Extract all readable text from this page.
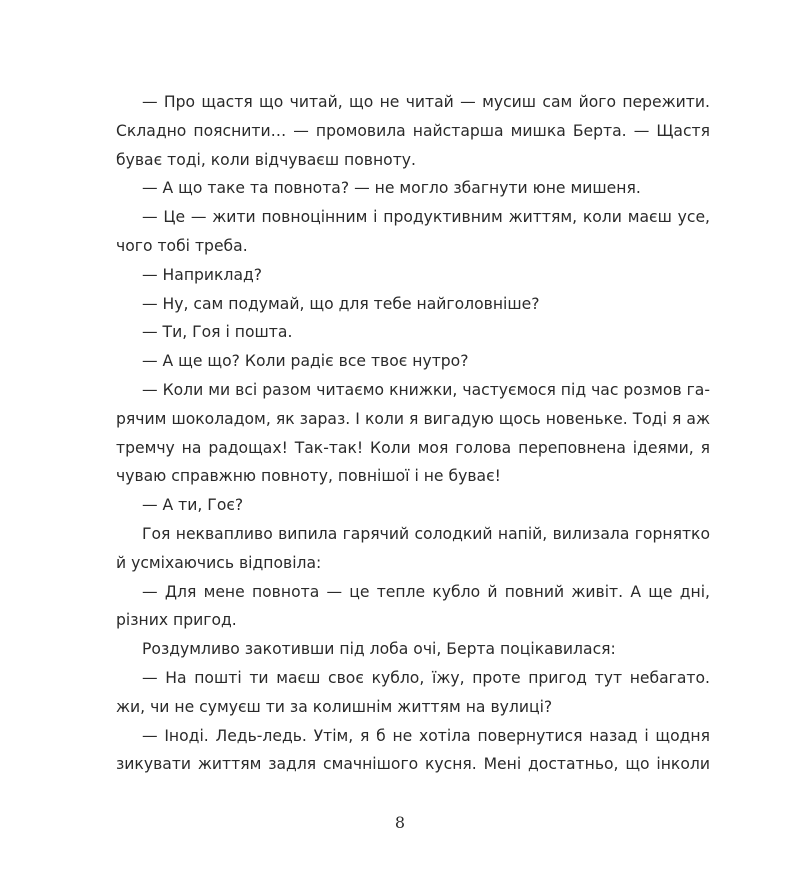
— Про щастя що читай, що не читай — мусиш сам його пережити.
Складно пояснити… — промовила найстарша мишка Берта. — Щастя
буває тоді, коли відчуваєш повноту.
— А що таке та повнота? — не могло збагнути юне мишеня.
— Це — жити повноцінним і продуктивним життям, коли маєш усе,
чого тобі треба.
— Наприклад?
— Ну, сам подумай, що для тебе найголовніше?
— Ти, Гоя і пошта.
— А ще що? Коли радіє все твоє нутро?
— Коли ми всі разом читаємо книжки, частуємося під час розмов га-
рячим шоколадом, як зараз. І коли я вигадую щось новеньке. Тоді я аж
тремчу на радощах! Так-так! Коли моя голова переповнена ідеями, я
чуваю справжню повноту, повнішої і не буває!
— А ти, Гоє?
Гоя неквапливо випила гарячий солодкий напій, вилизала горнятко
й усміхаючись відповіла:
— Для мене повнота — це тепле кубло й повний живіт. А ще дні,
різних пригод.
Роздумливо закотивши під лоба очі, Берта поцікавилася:
— На пошті ти маєш своє кубло, їжу, проте пригод тут небагато.
жи, чи не сумуєш ти за колишнім життям на вулиці?
— Іноді. Ледь-ледь. Утім, я б не хотіла повернутися назад і щодня
зикувати життям задля смачнішого кусня. Мені достатньо, що інколи
8
